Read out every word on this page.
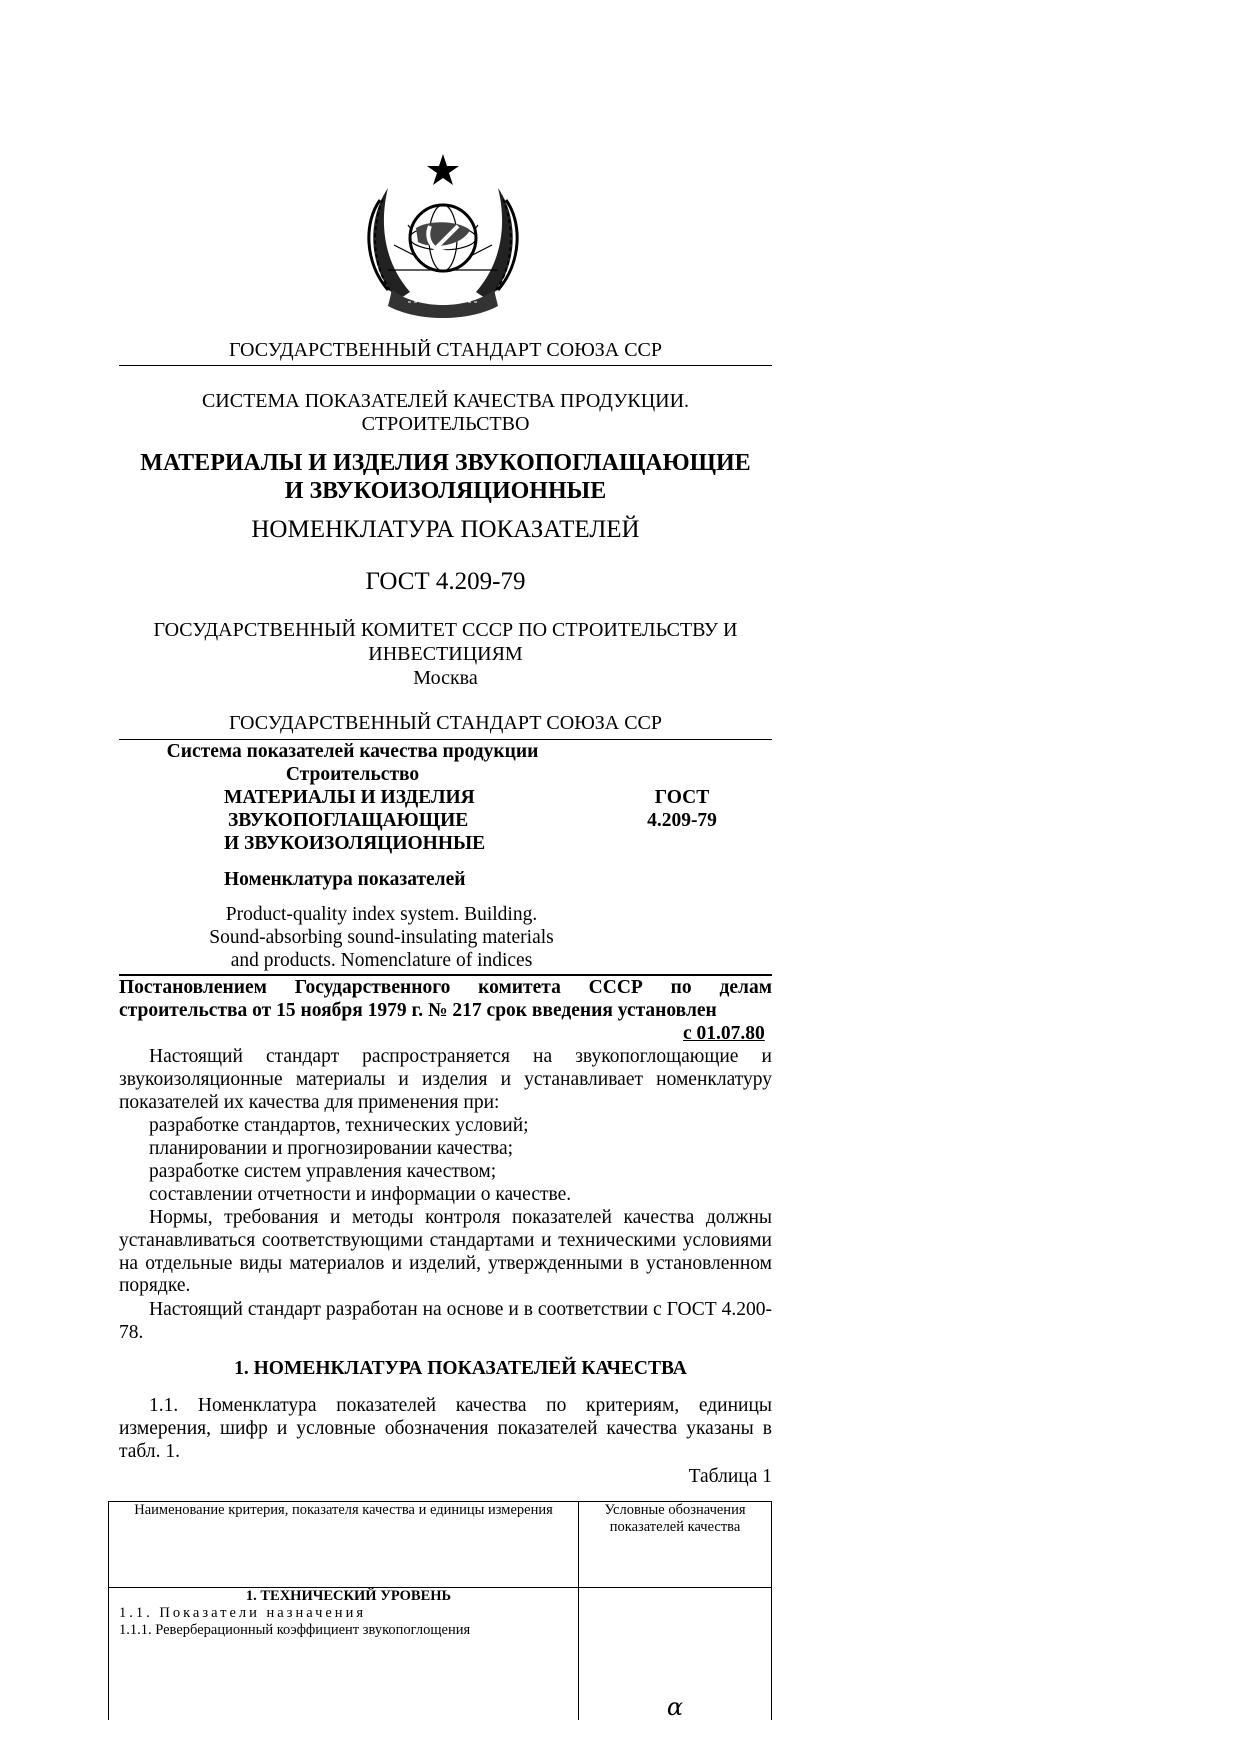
ГОСУДАРСТВЕННЫЙ СТАНДАРТ СОЮЗА ССР
СИСТЕМА ПОКАЗАТЕЛЕЙ КАЧЕСТВА ПРОДУКЦИИ.
СТРОИТЕЛЬСТВО
МАТЕРИАЛЫ И ИЗДЕЛИЯ ЗВУКОПОГЛАЩАЮЩИЕ
И ЗВУКОИЗОЛЯЦИОННЫЕ
НОМЕНКЛАТУРА ПОКАЗАТЕЛЕЙ
ГОСТ 4.209-79
ГОСУДАРСТВЕННЫЙ КОМИТЕТ СССР ПО СТРОИТЕЛЬСТВУ И
ИНВЕСТИЦИЯМ
Москва
ГОСУДАРСТВЕННЫЙ СТАНДАРТ СОЮЗА ССР
Система показателей качества продукции
Строительство
МАТЕРИАЛЫ И ИЗДЕЛИЯ
ЗВУКОПОГЛАЩАЮЩИЕ
И ЗВУКОИЗОЛЯЦИОННЫЕ
ГОСТ
4.209-79
Номенклатура показателей
Product-quality index system. Building.
Sound-absorbing sound-insulating materials
and products. Nomenclature of indices
Постановлением Государственного комитета СССР по делам
строительства от 15 ноября 1979 г. № 217 срок введения установлен
с 01.07.80
Настоящий стандарт распространяется на звукопоглощающие и звукоизоляционные материалы и изделия и устанавливает номенклатуру показателей их качества для применения при:
разработке стандартов, технических условий;
планировании и прогнозировании качества;
разработке систем управления качеством;
составлении отчетности и информации о качестве.
Нормы, требования и методы контроля показателей качества должны устанавливаться соответствующими стандартами и техническими условиями на отдельные виды материалов и изделий, утвержденными в установленном порядке.
Настоящий стандарт разработан на основе и в соответствии с ГОСТ 4.200-78.
1. НОМЕНКЛАТУРА ПОКАЗАТЕЛЕЙ КАЧЕСТВА
1.1. Номенклатура показателей качества по критериям, единицы измерения, шифр и условные обозначения показателей качества указаны в табл. 1.
Таблица 1
Наименование критерия, показателя качества и единицы измерения	Условные обозначения показателей качества

1. ТЕХНИЧЕСКИЙ УРОВЕНЬ
1.1. Показатели назначения
1.1.1. Реверберационный коэффициент звукопоглощения	α
